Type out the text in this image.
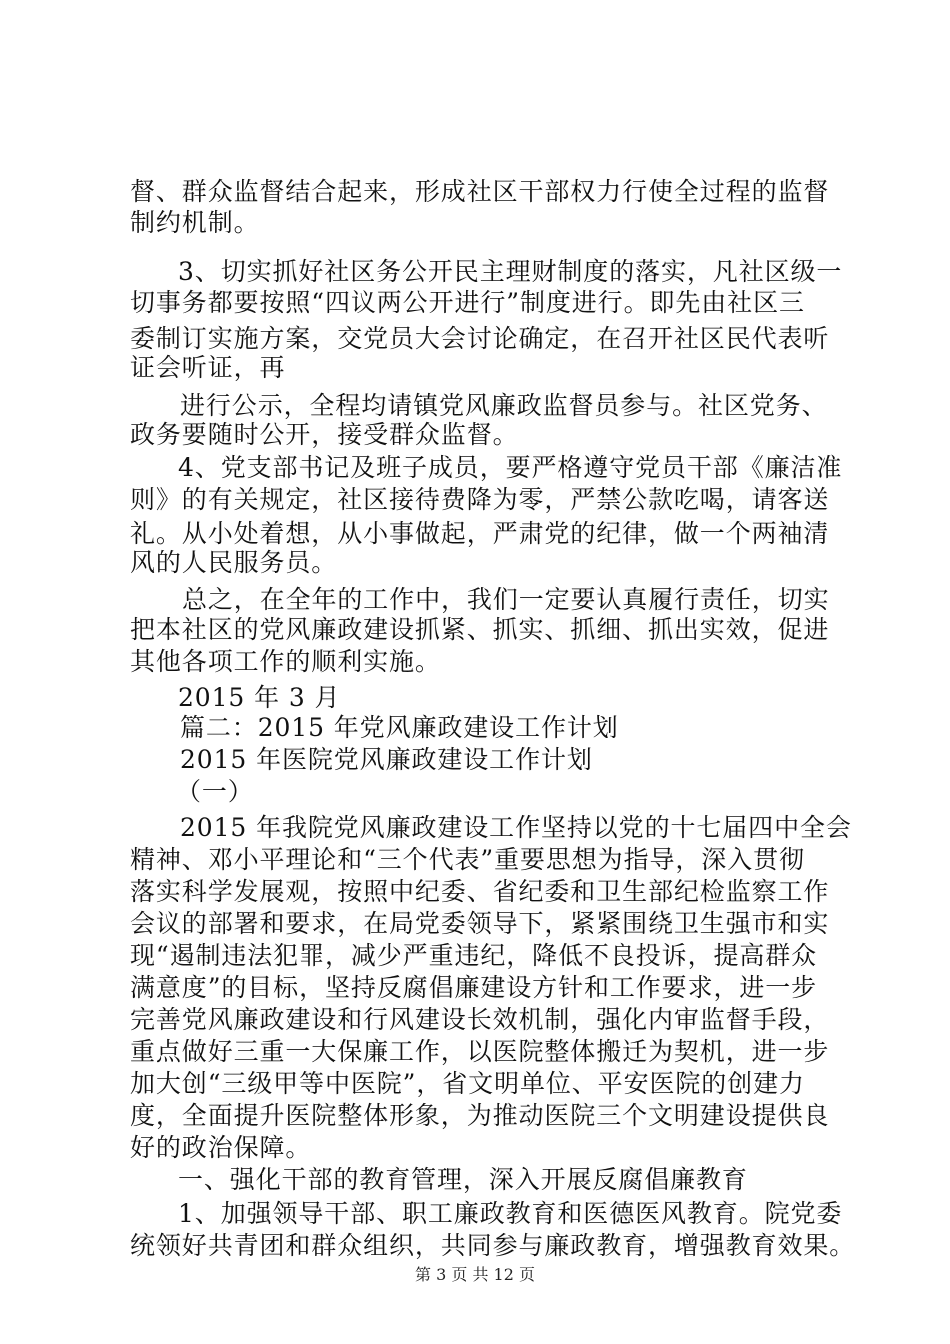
督、群众监督结合起来，形成社区干部权力行使全过程的监督
制约机制。
3、切实抓好社区务公开民主理财制度的落实，凡社区级一
切事务都要按照“四议两公开进行”制度进行。即先由社区三
委制订实施方案，交党员大会讨论确定，在召开社区民代表听
证会听证，再
进行公示，全程均请镇党风廉政监督员参与。社区党务、
政务要随时公开，接受群众监督。
4、党支部书记及班子成员，要严格遵守党员干部《廉洁准
则》的有关规定，社区接待费降为零，严禁公款吃喝，请客送
礼。从小处着想，从小事做起，严肃党的纪律，做一个两袖清
风的人民服务员。
总之，在全年的工作中，我们一定要认真履行责任，切实
把本社区的党风廉政建设抓紧、抓实、抓细、抓出实效，促进
其他各项工作的顺利实施。
2015 年 3 月
篇二：2015 年党风廉政建设工作计划
2015 年医院党风廉政建设工作计划
（一）
2015 年我院党风廉政建设工作坚持以党的十七届四中全会
精神、邓小平理论和“三个代表”重要思想为指导，深入贯彻
落实科学发展观，按照中纪委、省纪委和卫生部纪检监察工作
会议的部署和要求，在局党委领导下，紧紧围绕卫生强市和实
现“遏制违法犯罪，减少严重违纪，降低不良投诉，提高群众
满意度”的目标，坚持反腐倡廉建设方针和工作要求，进一步
完善党风廉政建设和行风建设长效机制，强化内审监督手段，
重点做好三重一大保廉工作，以医院整体搬迁为契机，进一步
加大创“三级甲等中医院”，省文明单位、平安医院的创建力
度，全面提升医院整体形象，为推动医院三个文明建设提供良
好的政治保障。
一、强化干部的教育管理，深入开展反腐倡廉教育
1、加强领导干部、职工廉政教育和医德医风教育。院党委
统领好共青团和群众组织，共同参与廉政教育，增强教育效果。
第 3 页 共 12 页
